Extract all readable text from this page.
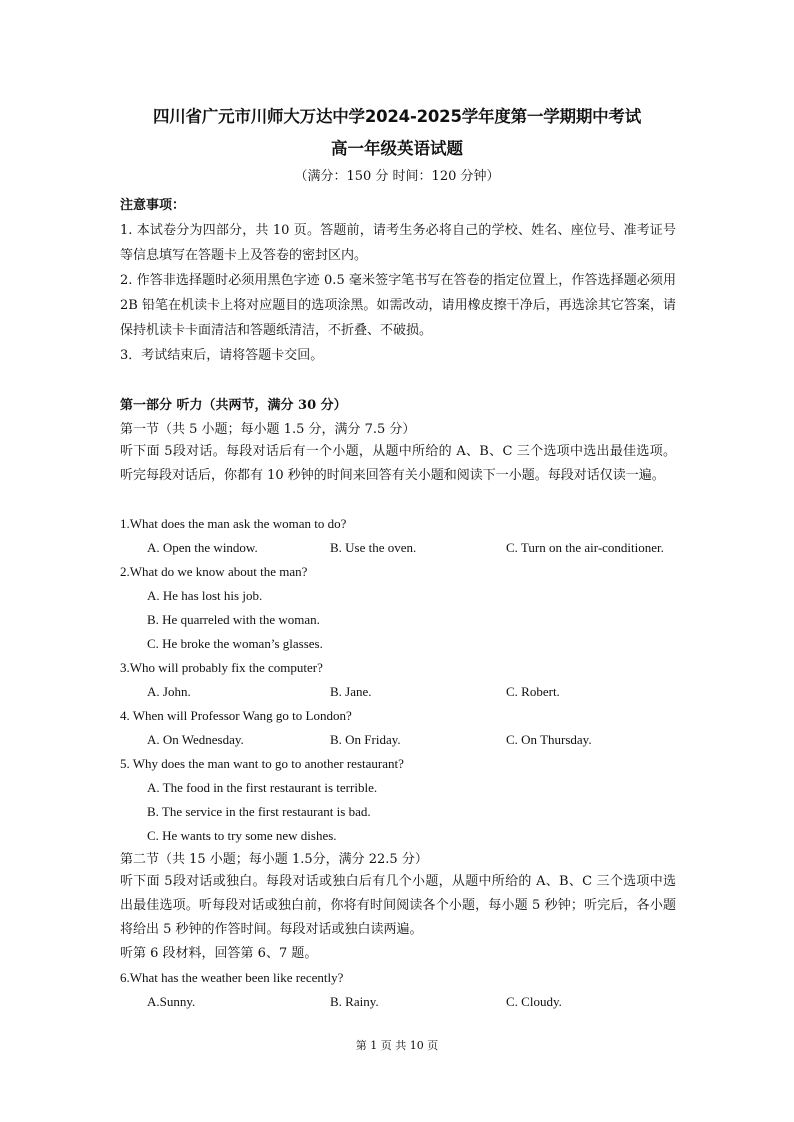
四川省广元市川师大万达中学2024-2025学年度第一学期期中考试
高一年级英语试题
（满分：150 分 时间：120 分钟）
注意事项：
1. 本试卷分为四部分，共 10 页。答题前，请考生务必将自己的学校、姓名、座位号、准考证号等信息填写在答题卡上及答卷的密封区内。
2. 作答非选择题时必须用黑色字迹 0.5 毫米签字笔书写在答卷的指定位置上，作答选择题必须用 2B 铅笔在机读卡上将对应题目的选项涂黑。如需改动，请用橡皮擦干净后，再选涂其它答案，请保持机读卡卡面清洁和答题纸清洁，不折叠、不破损。
3．考试结束后，请将答题卡交回。
第一部分 听力（共两节，满分 30 分）
第一节（共 5 小题；每小题 1.5 分，满分 7.5 分）
听下面 5段对话。每段对话后有一个小题，从题中所给的 A、B、C 三个选项中选出最佳选项。听完每段对话后，你都有 10 秒钟的时间来回答有关小题和阅读下一小题。每段对话仅读一遍。
1.What does the man ask the woman to do?
A. Open the window.	B. Use the oven.	C. Turn on the air-conditioner.
2.What do we know about the man?
A. He has lost his job.
B. He quarreled with the woman.
C. He broke the woman’s glasses.
3.Who will probably fix the computer?
A. John.	B. Jane.	C. Robert.
4. When will Professor Wang go to London?
A. On Wednesday.	B. On Friday.	C. On Thursday.
5. Why does the man want to go to another restaurant?
A. The food in the first restaurant is terrible.
B. The service in the first restaurant is bad.
C. He wants to try some new dishes.
第二节（共 15 小题；每小题 1.5分，满分 22.5 分）
听下面 5段对话或独白。每段对话或独白后有几个小题，从题中所给的 A、B、C 三个选项中选出最佳选项。听每段对话或独白前，你将有时间阅读各个小题，每小题 5 秒钟；听完后，各小题将给出 5 秒钟的作答时间。每段对话或独白读两遍。
听第 6 段材料，回答第 6、7 题。
6.What has the weather been like recently?
A.Sunny.	B. Rainy.	C. Cloudy.
第 1 页 共 10 页
